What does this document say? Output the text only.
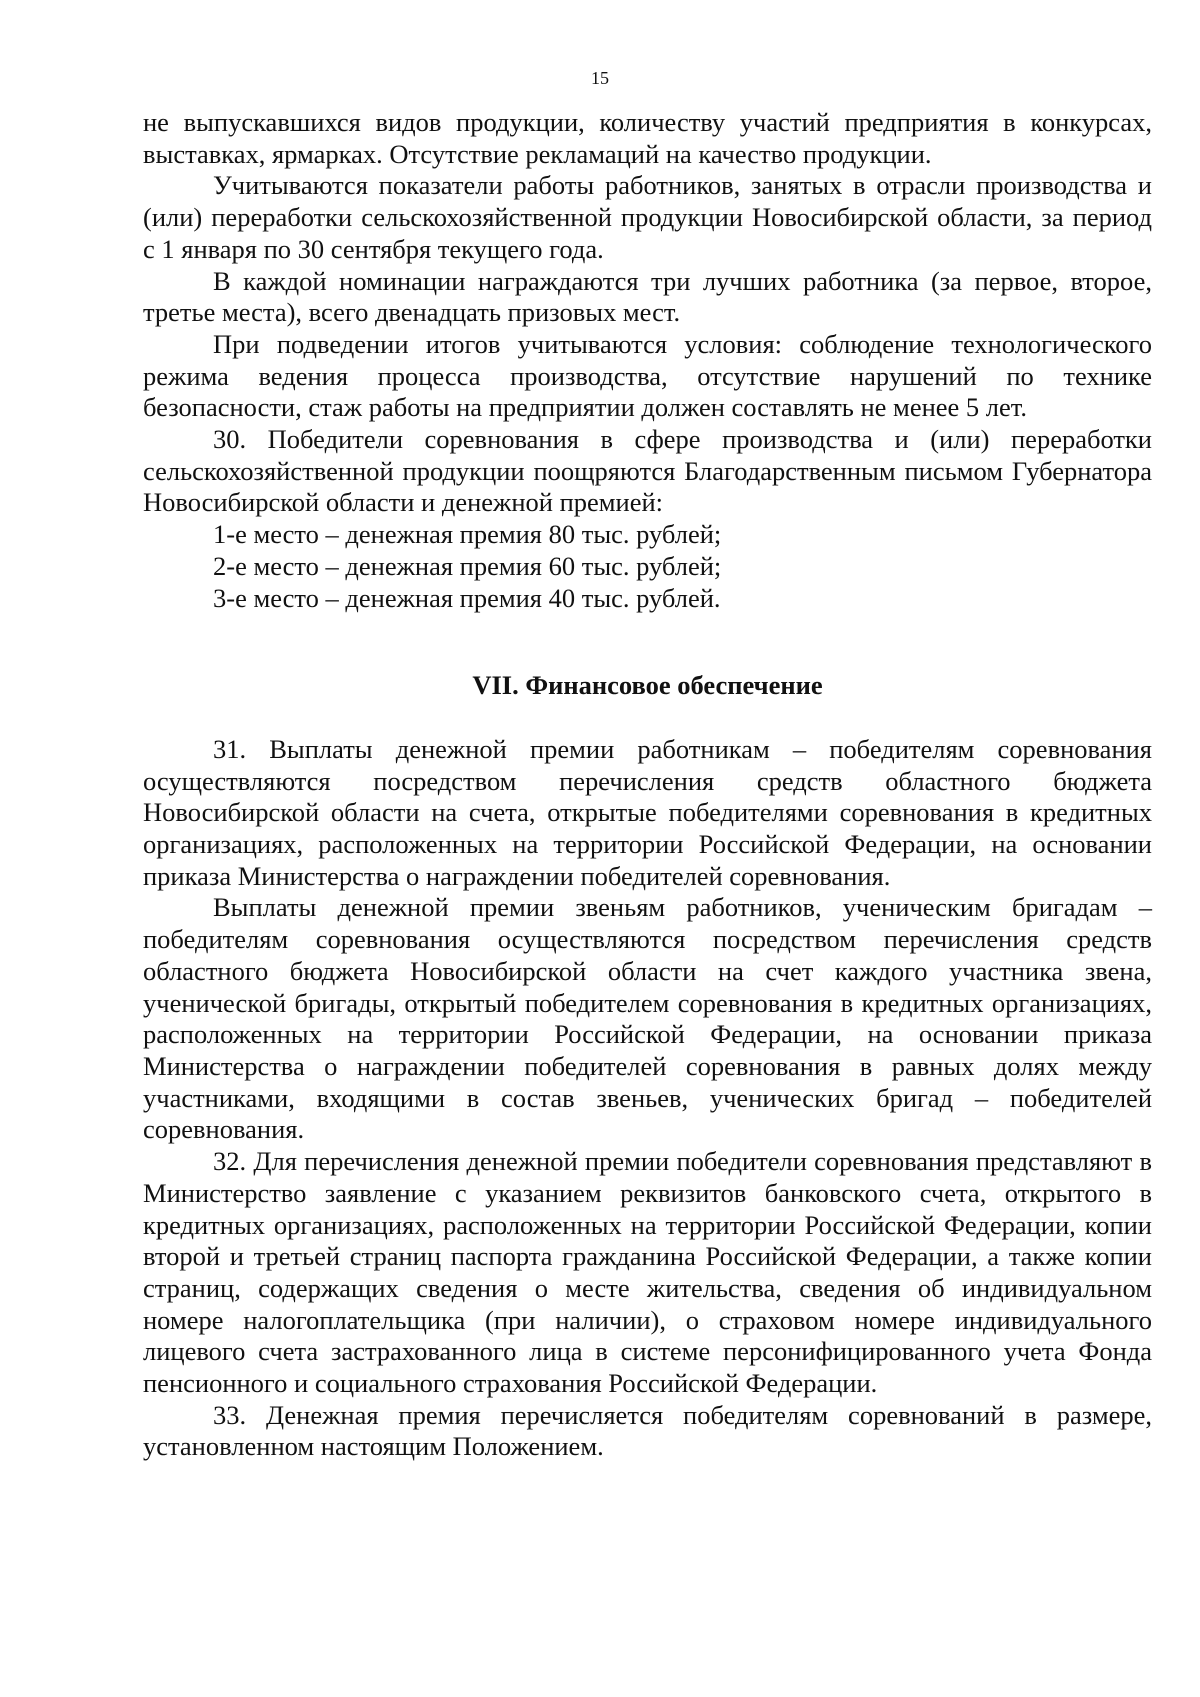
15

не выпускавшихся видов продукции, количеству участий предприятия в конкурсах, выставках, ярмарках. Отсутствие рекламаций на качество продукции.

Учитываются показатели работы работников, занятых в отрасли производства и (или) переработки сельскохозяйственной продукции Новосибирской области, за период с 1 января по 30 сентября текущего года.

В каждой номинации награждаются три лучших работника (за первое, второе, третье места), всего двенадцать призовых мест.

При подведении итогов учитываются условия: соблюдение технологического режима ведения процесса производства, отсутствие нарушений по технике безопасности, стаж работы на предприятии должен составлять не менее 5 лет.

30. Победители соревнования в сфере производства и (или) переработки сельскохозяйственной продукции поощряются Благодарственным письмом Губернатора Новосибирской области и денежной премией:

1-е место – денежная премия 80 тыс. рублей;

2-е место – денежная премия 60 тыс. рублей;

3-е место – денежная премия 40 тыс. рублей.

VII. Финансовое обеспечение

31. Выплаты денежной премии работникам – победителям соревнования осуществляются посредством перечисления средств областного бюджета Новосибирской области на счета, открытые победителями соревнования в кредитных организациях, расположенных на территории Российской Федерации, на основании приказа Министерства о награждении победителей соревнования.

Выплаты денежной премии звеньям работников, ученическим бригадам – победителям соревнования осуществляются посредством перечисления средств областного бюджета Новосибирской области на счет каждого участника звена, ученической бригады, открытый победителем соревнования в кредитных организациях, расположенных на территории Российской Федерации, на основании приказа Министерства о награждении победителей соревнования в равных долях между участниками, входящими в состав звеньев, ученических бригад – победителей соревнования.

32. Для перечисления денежной премии победители соревнования представляют в Министерство заявление с указанием реквизитов банковского счета, открытого в кредитных организациях, расположенных на территории Российской Федерации, копии второй и третьей страниц паспорта гражданина Российской Федерации, а также копии страниц, содержащих сведения о месте жительства, сведения об индивидуальном номере налогоплательщика (при наличии), о страховом номере индивидуального лицевого счета застрахованного лица в системе персонифицированного учета Фонда пенсионного и социального страхования Российской Федерации.

33. Денежная премия перечисляется победителям соревнований в размере, установленном настоящим Положением.
